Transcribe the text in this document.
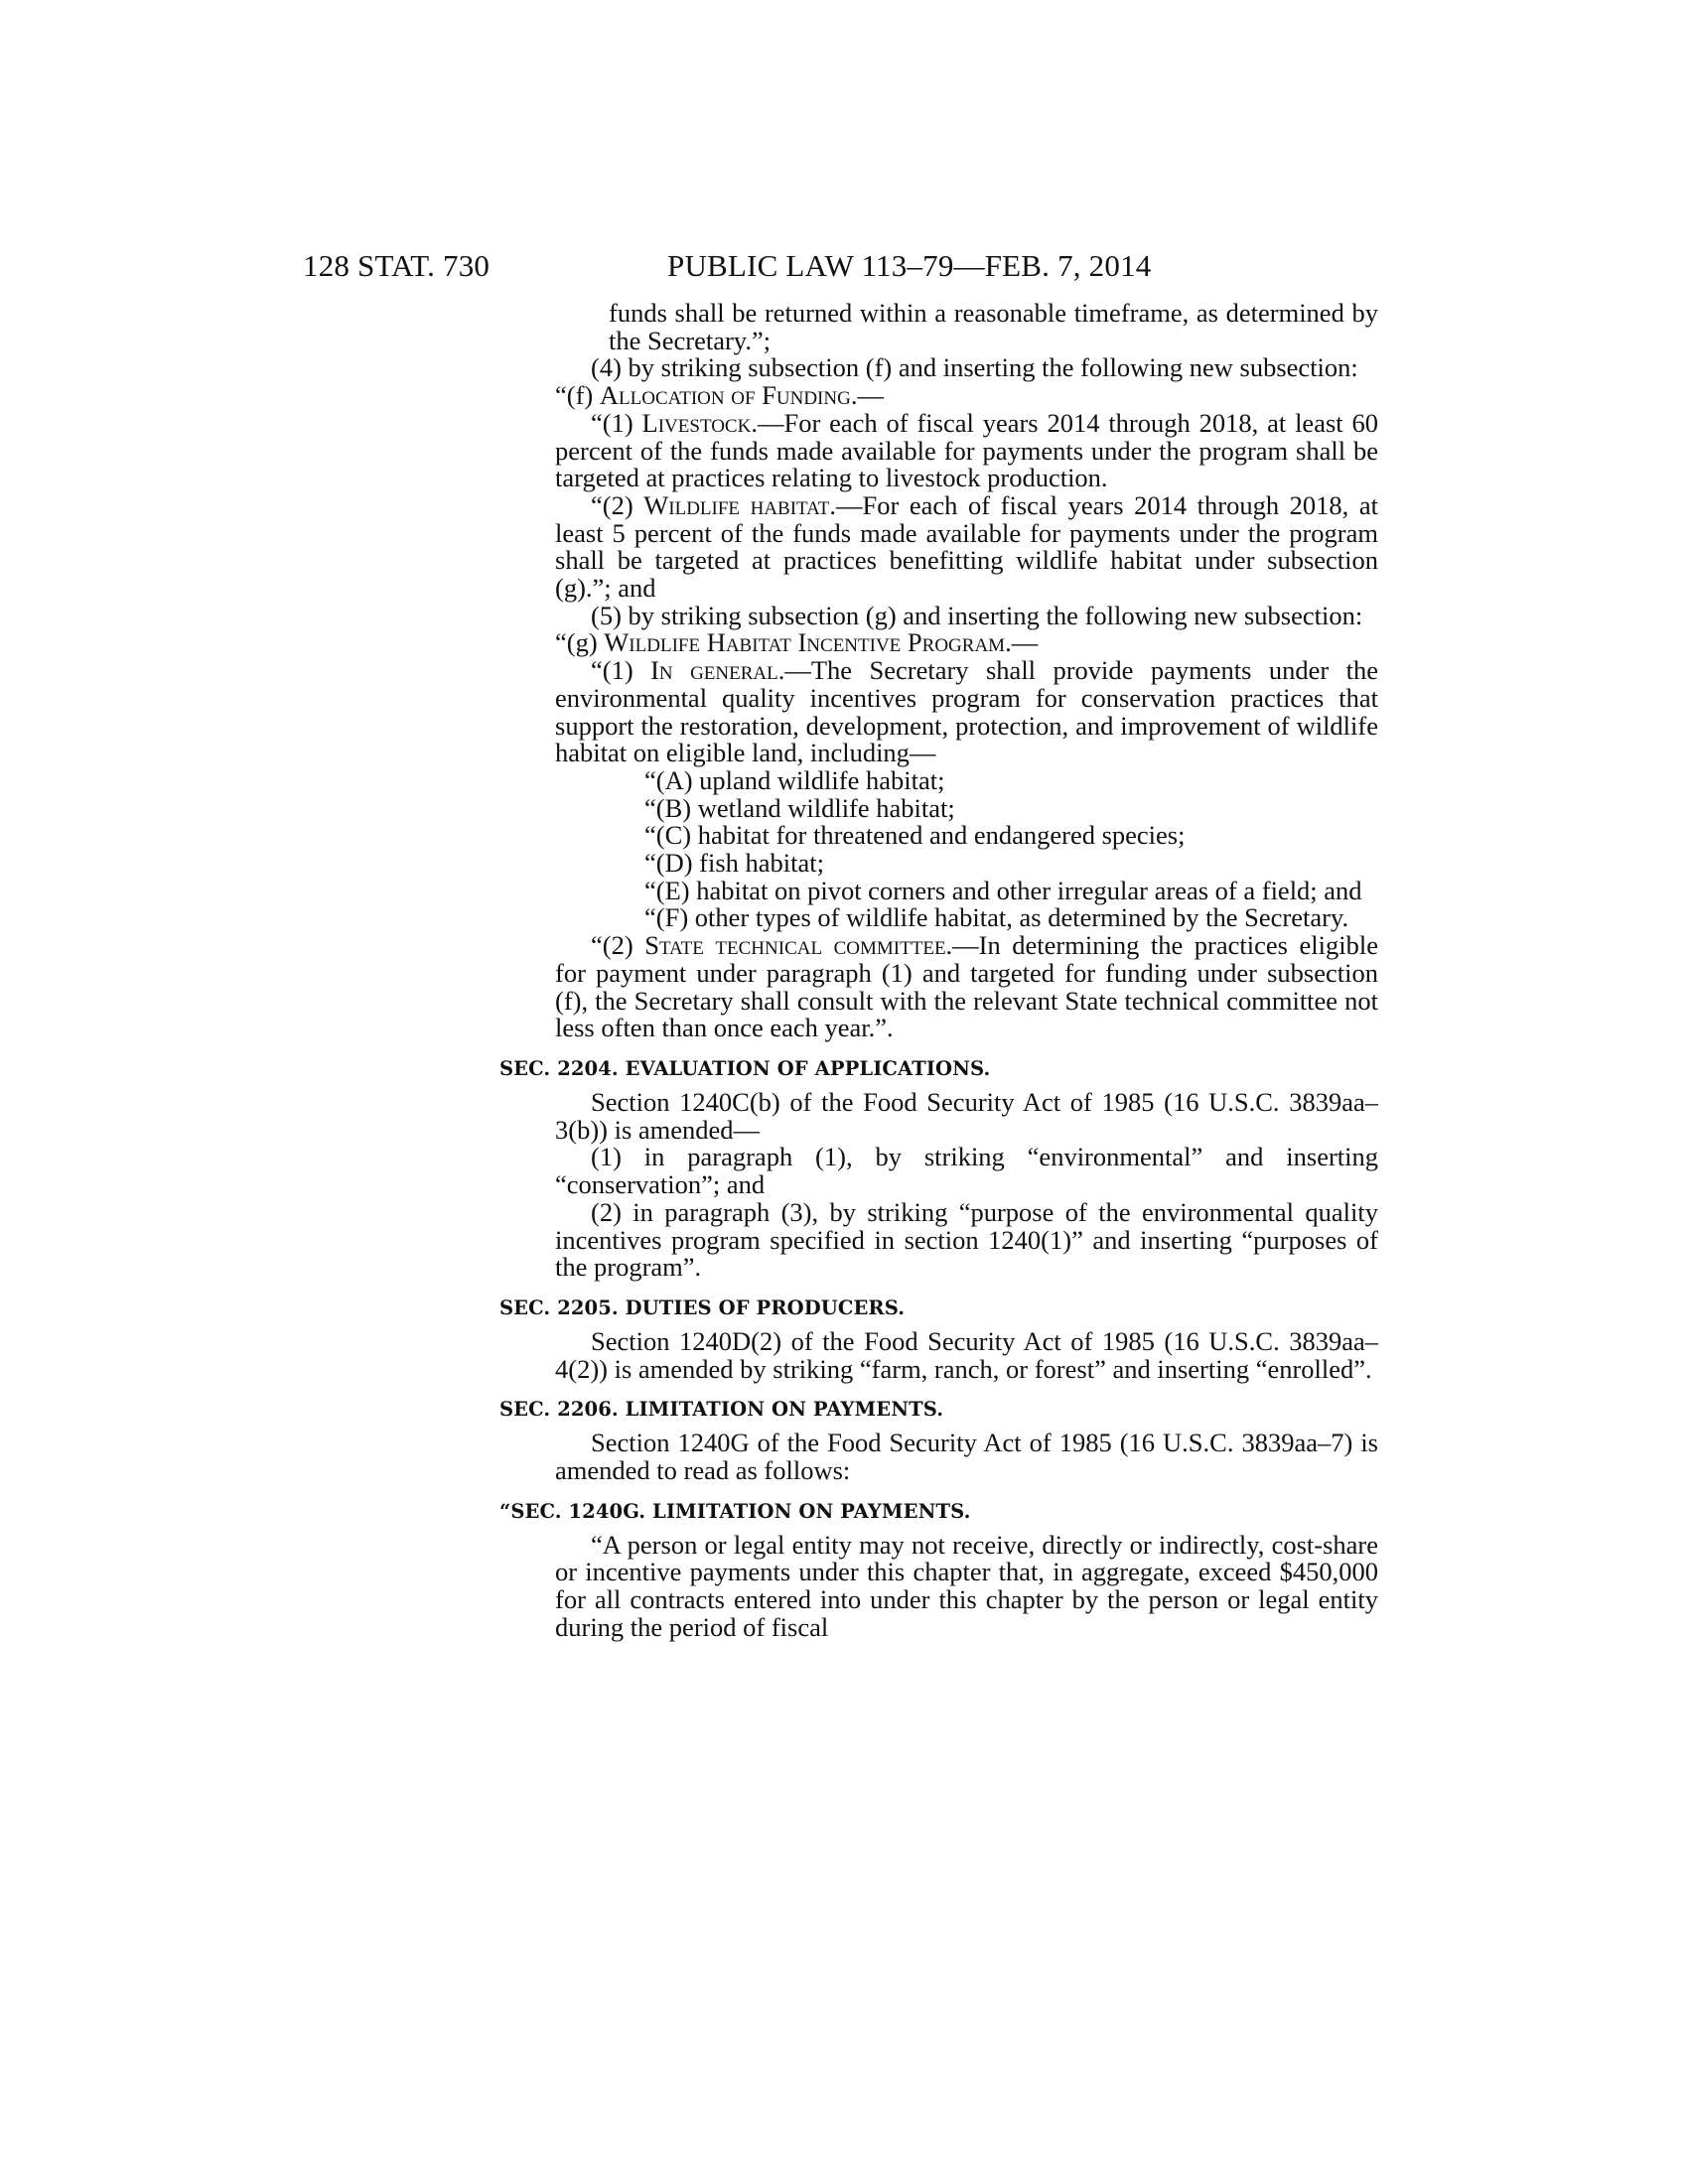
128 STAT. 730	PUBLIC LAW 113–79—FEB. 7, 2014

funds shall be returned within a reasonable timeframe, as determined by the Secretary.”;

(4) by striking subsection (f) and inserting the following new subsection:

“(f) Allocation of Funding.—

“(1) Livestock.—For each of fiscal years 2014 through 2018, at least 60 percent of the funds made available for payments under the program shall be targeted at practices relating to livestock production.

“(2) Wildlife habitat.—For each of fiscal years 2014 through 2018, at least 5 percent of the funds made available for payments under the program shall be targeted at practices benefitting wildlife habitat under subsection (g).”; and

(5) by striking subsection (g) and inserting the following new subsection:

“(g) Wildlife Habitat Incentive Program.—

“(1) In general.—The Secretary shall provide payments under the environmental quality incentives program for conservation practices that support the restoration, development, protection, and improvement of wildlife habitat on eligible land, including—

“(A) upland wildlife habitat;

“(B) wetland wildlife habitat;

“(C) habitat for threatened and endangered species;

“(D) fish habitat;

“(E) habitat on pivot corners and other irregular areas of a field; and

“(F) other types of wildlife habitat, as determined by the Secretary.

“(2) State technical committee.—In determining the practices eligible for payment under paragraph (1) and targeted for funding under subsection (f), the Secretary shall consult with the relevant State technical committee not less often than once each year.”.

SEC. 2204. EVALUATION OF APPLICATIONS.

Section 1240C(b) of the Food Security Act of 1985 (16 U.S.C. 3839aa–3(b)) is amended—

(1) in paragraph (1), by striking “environmental” and inserting “conservation”; and

(2) in paragraph (3), by striking “purpose of the environmental quality incentives program specified in section 1240(1)” and inserting “purposes of the program”.

SEC. 2205. DUTIES OF PRODUCERS.

Section 1240D(2) of the Food Security Act of 1985 (16 U.S.C. 3839aa–4(2)) is amended by striking “farm, ranch, or forest” and inserting “enrolled”.

SEC. 2206. LIMITATION ON PAYMENTS.

Section 1240G of the Food Security Act of 1985 (16 U.S.C. 3839aa–7) is amended to read as follows:

“SEC. 1240G. LIMITATION ON PAYMENTS.

“A person or legal entity may not receive, directly or indirectly, cost-share or incentive payments under this chapter that, in aggregate, exceed $450,000 for all contracts entered into under this chapter by the person or legal entity during the period of fiscal
